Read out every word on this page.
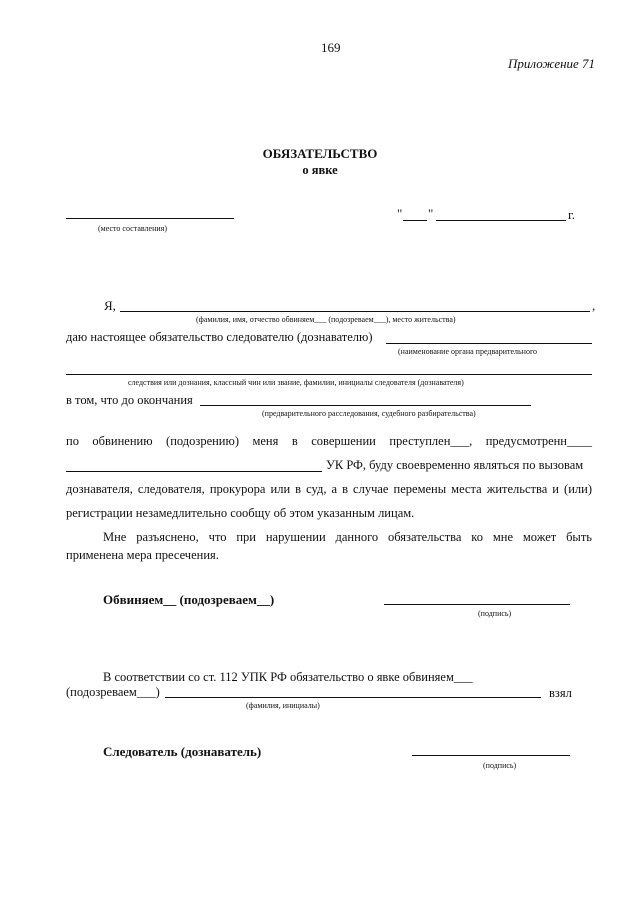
169
Приложение 71
ОБЯЗАТЕЛЬСТВО
о явке
(место составления)
" "	г.
Я,	,
(фамилия, имя, отчество обвиняем___ (подозреваем___), место жительства)
даю настоящее обязательство следователю (дознавателю)
(наименование органа предварительного
следствия или дознания, классный чин или звание, фамилии, инициалы следователя (дознавателя)
в том, что до окончания
(предварительного расследования, судебного разбирательства)
по обвинению (подозрению) меня в совершении преступлен___, предусмотренн____
УК РФ, буду своевременно являться по вызовам
дознавателя, следователя, прокурора или в суд, а в случае перемены места жительства и (или)
регистрации незамедлительно сообщу об этом указанным лицам.
Мне разъяснено, что при нарушении данного обязательства ко мне может быть
применена мера пресечения.
Обвиняем__ (подозреваем__)
(подпись)
В соответствии со ст. 112 УПК РФ обязательство о явке обвиняем___
(подозреваем___)	взял
(фамилия, инициалы)
Следователь (дознаватель)
(подпись)
